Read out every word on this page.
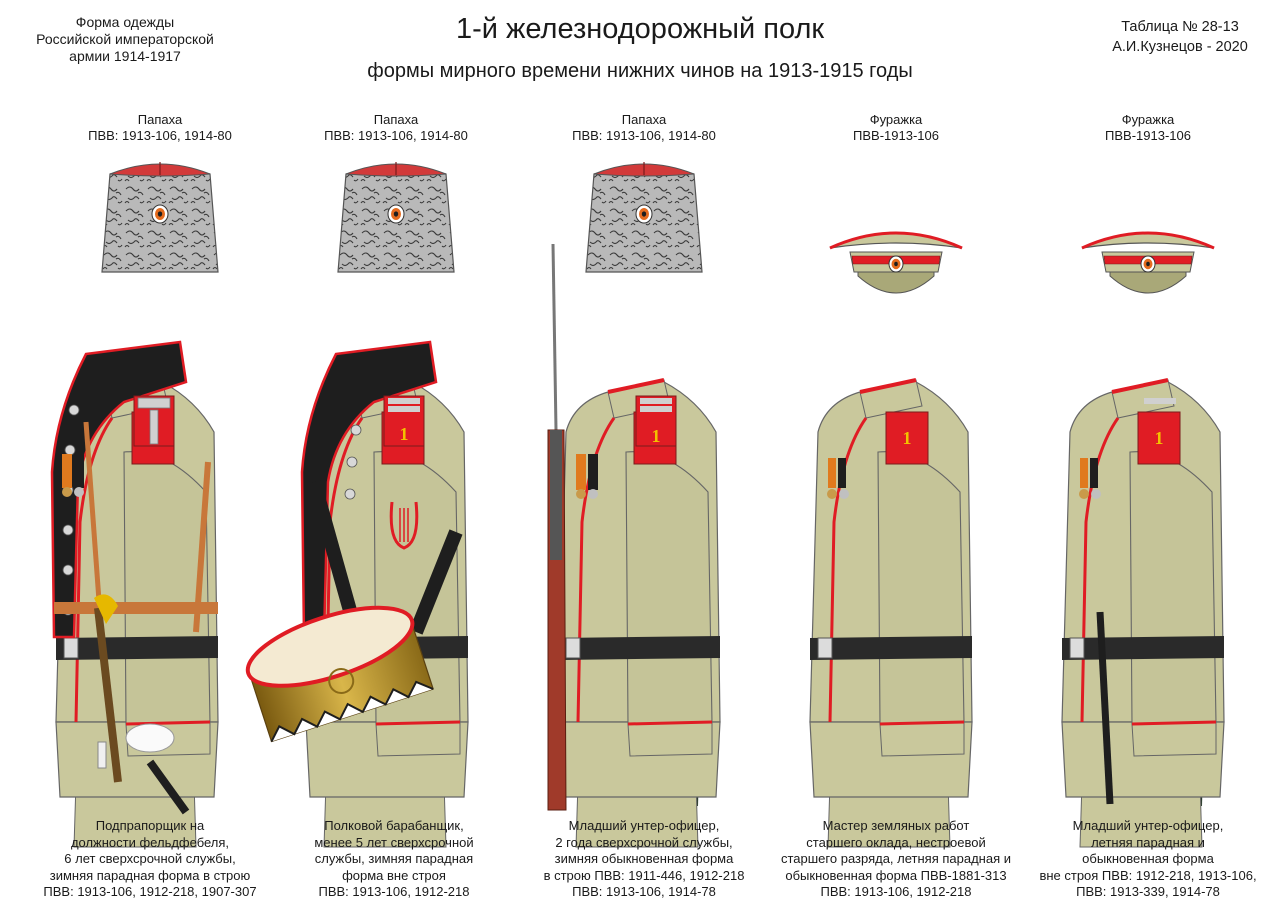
Форма одежды
Российской императорской
армии 1914-1917
1-й железнодорожный полк
формы мирного времени нижних чинов на 1913-1915 годы
Таблица № 28-13
А.И.Кузнецов - 2020
Папаха
ПВВ: 1913-106, 1914-80
Папаха
ПВВ: 1913-106, 1914-80
Папаха
ПВВ: 1913-106, 1914-80
Фуражка
ПВВ-1913-106
Фуражка
ПВВ-1913-106
1	1	1	1
Подпрапорщик на
должности фельдфебеля,
6 лет сверхсрочной службы,
зимняя парадная форма в строю
ПВВ: 1913-106, 1912-218, 1907-307
Полковой барабанщик,
менее 5 лет сверхсрочной
службы, зимняя парадная
форма вне строя
ПВВ: 1913-106, 1912-218
Младший унтер-офицер,
2 года сверхсрочной службы,
зимняя обыкновенная форма
в строю ПВВ: 1911-446, 1912-218
ПВВ: 1913-106, 1914-78
Мастер земляных работ
старшего оклада, нестроевой
старшего разряда, летняя парадная и
обыкновенная форма ПВВ-1881-313
ПВВ: 1913-106, 1912-218
Младший унтер-офицер,
летняя парадная и
обыкновенная форма
вне строя ПВВ: 1912-218, 1913-106,
ПВВ: 1913-339, 1914-78
